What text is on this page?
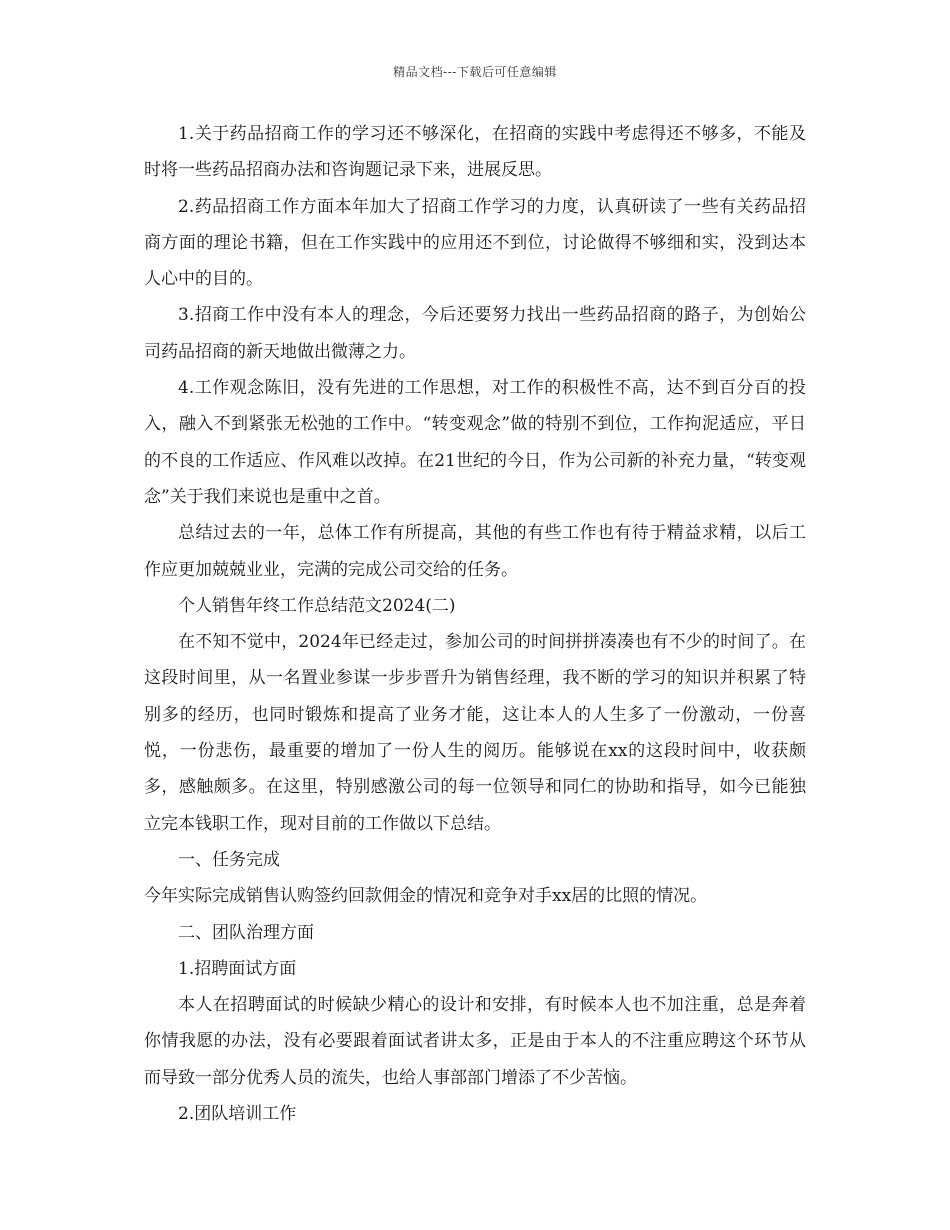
精品文档---下载后可任意编辑

1.关于药品招商工作的学习还不够深化，在招商的实践中考虑得还不够多，不能及时将一些药品招商办法和咨询题记录下来，进展反思。

2.药品招商工作方面本年加大了招商工作学习的力度，认真研读了一些有关药品招商方面的理论书籍，但在工作实践中的应用还不到位，讨论做得不够细和实，没到达本人心中的目的。

3.招商工作中没有本人的理念，今后还要努力找出一些药品招商的路子，为创始公司药品招商的新天地做出微薄之力。

4.工作观念陈旧，没有先进的工作思想，对工作的积极性不高，达不到百分百的投入，融入不到紧张无松弛的工作中。“转变观念”做的特别不到位，工作拘泥适应，平日的不良的工作适应、作风难以改掉。在21世纪的今日，作为公司新的补充力量，“转变观念”关于我们来说也是重中之首。

总结过去的一年，总体工作有所提高，其他的有些工作也有待于精益求精，以后工作应更加兢兢业业，完满的完成公司交给的任务。

个人销售年终工作总结范文2024(二)

在不知不觉中，2024年已经走过，参加公司的时间拼拼凑凑也有不少的时间了。在这段时间里，从一名置业参谋一步步晋升为销售经理，我不断的学习的知识并积累了特别多的经历，也同时锻炼和提高了业务才能，这让本人的人生多了一份激动，一份喜悦，一份悲伤，最重要的增加了一份人生的阅历。能够说在xx的这段时间中，收获颇多，感触颇多。在这里，特别感激公司的每一位领导和同仁的协助和指导，如今已能独立完本钱职工作，现对目前的工作做以下总结。

一、任务完成

今年实际完成销售认购签约回款佣金的情况和竞争对手xx居的比照的情况。

二、团队治理方面

1.招聘面试方面

本人在招聘面试的时候缺少精心的设计和安排，有时候本人也不加注重，总是奔着你情我愿的办法，没有必要跟着面试者讲太多，正是由于本人的不注重应聘这个环节从而导致一部分优秀人员的流失，也给人事部部门增添了不少苦恼。

2.团队培训工作
